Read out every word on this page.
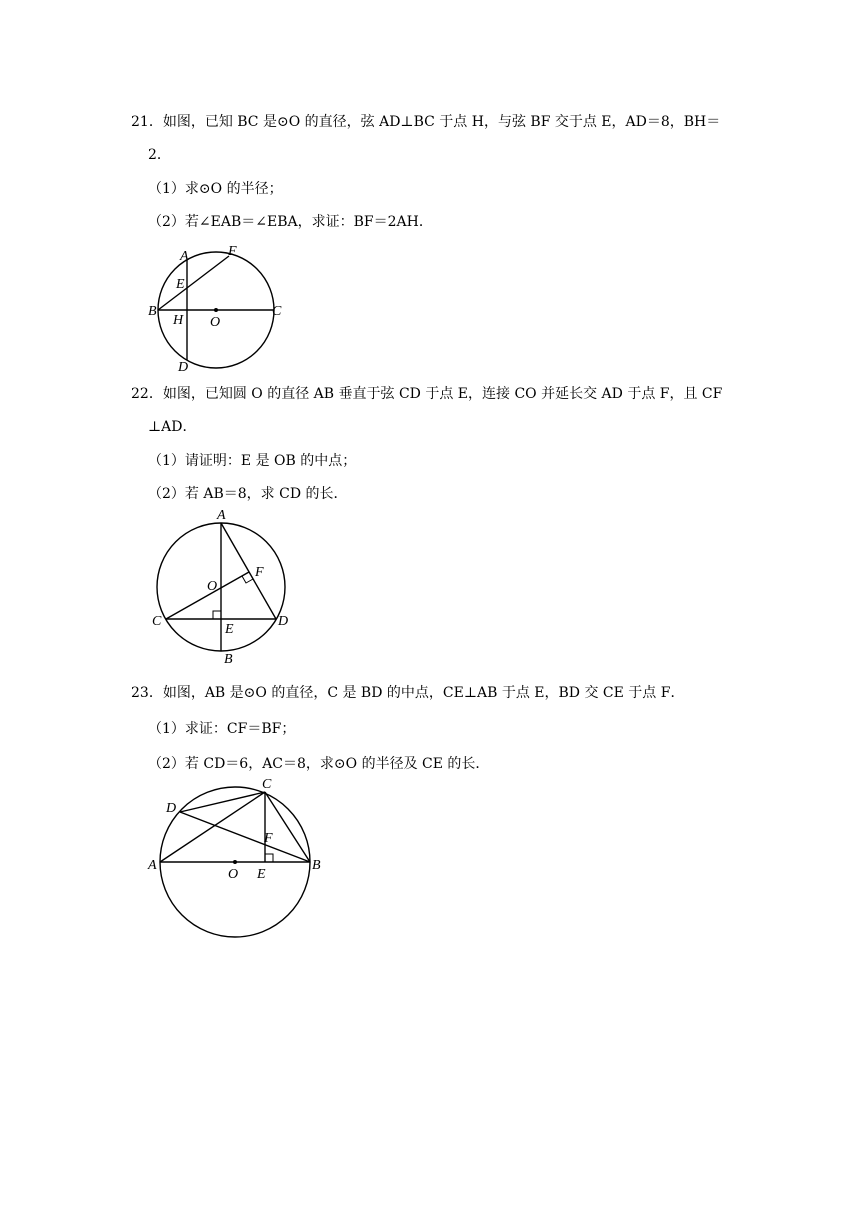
21．如图，已知 BC 是⊙O 的直径，弦 AD⊥BC 于点 H，与弦 BF 交于点 E，AD＝8，BH＝
2．
（1）求⊙O 的半径；
（2）若∠EAB＝∠EBA，求证：BF＝2AH．
A	F
E
B
H O
C
D
22．如图，已知圆 O 的直径 AB 垂直于弦 CD 于点 E，连接 CO 并延长交 AD 于点 F，且 CF
⊥AD．
（1）请证明：E 是 OB 的中点；
（2）若 AB＝8，求 CD 的长．
A
O
F
C
E
D
B
23．如图，AB 是⊙O 的直径，C 是 BD 的中点，CE⊥AB 于点 E，BD 交 CE 于点 F．
（1）求证：CF＝BF；
（2）若 CD＝6，AC＝8，求⊙O 的半径及 CE 的长．
C
D
F
A
O E
B
